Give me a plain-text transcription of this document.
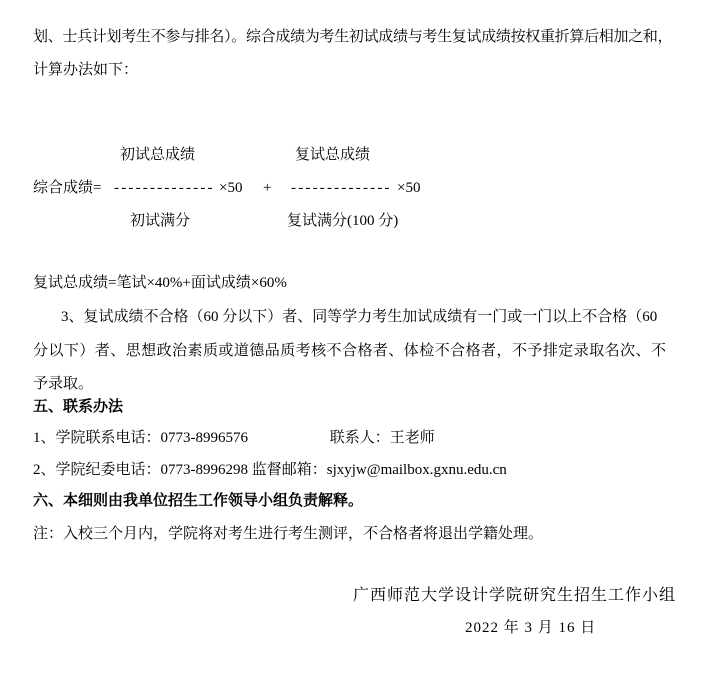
划、士兵计划考生不参与排名）。综合成绩为考生初试成绩与考生复试成绩按权重折算后相加之和，
计算办法如下：
初试总成绩	复试总成绩
综合成绩= -------------- ×50 + -------------- ×50
初试满分	复试满分(100 分)
复试总成绩=笔试×40%+面试成绩×60%
3、复试成绩不合格（60 分以下）者、同等学力考生加试成绩有一门或一门以上不合格（60
分以下）者、思想政治素质或道德品质考核不合格者、体检不合格者，不予排定录取名次、不
予录取。
五、联系办法
1、学院联系电话：0773-8996576	联系人：王老师
2、学院纪委电话：0773-8996298 监督邮箱：sjxyjw@mailbox.gxnu.edu.cn
六、本细则由我单位招生工作领导小组负责解释。
注：入校三个月内，学院将对考生进行考生测评，不合格者将退出学籍处理。
广西师范大学设计学院研究生招生工作小组
2022 年 3 月 16 日
